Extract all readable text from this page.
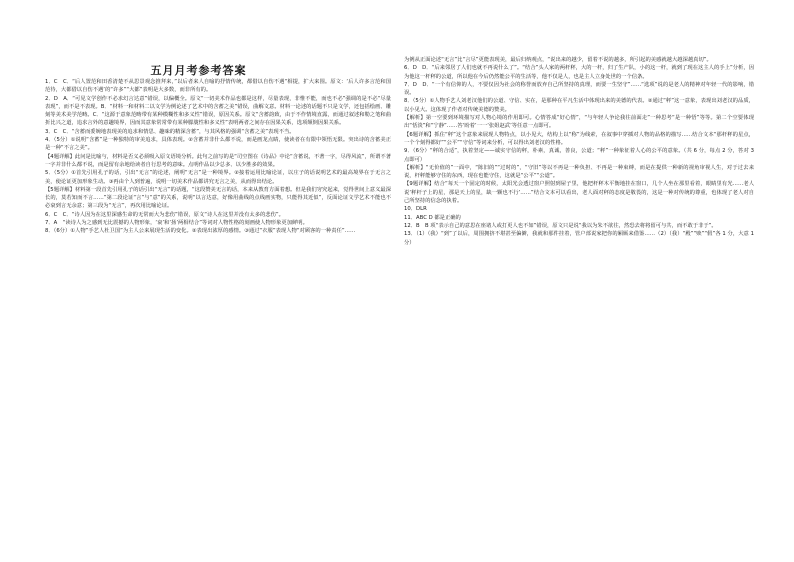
五月月考参考答案

1．C　C．“后人置范和田香清楚不从思景观念推拜来，”以后者来人自喻的抒情传统，都借以自伤不遇“相提，扩大来围。原文：‘后人许多言范和国范待，大都借以自伤不遇’的“许多”“大都”表明是大多数，而非所有的。

2．D　A．“可见文学创作不必求幻言达意”错误，以偏概全。原文“一切美术作品也都是这样，尽量表现，非惟不能，而也不必”强调的是不必“尽量表现”，而不是不表现。B．“材料一和材料二以文学为例论述了艺术中的含蓄之美”错误，曲解文意。材料一论述的话题不只是文学，还包括绘画、雕刻等美术美学范畴。C．“这源于意象范畴带有某种模糊性和多义性”错误，原因关系。原文“含蓄韵致，由于不作情境直露，而通过叙述和勒之笔和曲折比兴之道，追求言外的意趣境界，因而其意象常常带有某种朦胧性和多义性”表明两者之间存在因果关系，选项颠倒因果关系。

3．C　C．“含蓄而委婉地表现美的追求和情思、趣味的精深含蓄”，与其风格的强调“含蓄之美”表现不当。

4．（5分）①说明“含蓄”是一种独特的审美追求，具体表现。②含蓄并非什么都不说，而是画龙点睛，使读者在有限中领悟无限。突出诗的含蓄美正是一种“不言之美”。

【4题详解】此问是比喻与，材料是否义必须吸入原文语境分析。此句之前写的是“司空图在《诗品》中论“含蓄说，不著一字，尽得风流”，所谓不著一字并非什么都不说，而是留有余地给读者自行思考的意味。点明作品以少总多、以少胜多的效果。

5．（5分）①首先引用孔子的话，引出“无言”的论述，阐明“无言”是一种境界。②接着运用比喻论证，以庄子的话说明艺术的最高境界在于无言之美，使论证更加形象生动。③再由个人到普遍，说明一切美术作品都讲究无言之美，从而得出结论。

【5题详解】材料第一段首先引用孔子的话引出“无言”的话题，“这段赞美无言的话，本来从教育方面着想。但是我们穷究起来，觉得世间上意义最深长的，莫若知而不言……”第二段论证“言”与“意”的关系，说明“以言达意，好像用曲线的点线画实物，只能得其近似”，反面论证文学艺术不能也不必衰到言无余意；第三段为“无言”，再次用比喻论证。

6．C　C．“诗人因为在这里深感生命的无常而大为悲伤”错误，原文“诗人在这里并没有太多的悲伤”。

7．A　“读诗人为之感到无比震撼的人物形象，‘衰’和‘扬’两相结合”等词对人物性格的刻画使人物形象更加鲜明。

8．（6分）①人物”手艺人杜卫国”为主人公来展现生活的变化。②表现出浓厚的感情。③通过“衣服”表现人物“对顾客的一种责任”……

为例从正面论述“无言”比“言尽”更能表现美，最后归纳观点，“说出来的越少，留着不说的越多，所引起的美感就越大越深越真切”。

6．D　D．“后来邻居了人们也就不再说什么了”。“结合”头人家的两杆秤，大的一杆，归了生产队，小的这一杆，就到了现在这主人的手上”分析，因为他这一杆秤的公道，所以他在今后仍然能公平的生活等，他不仅是人，也是主人立身处世的一个信条。

7．D　D．“一个有信仰的人，不要仅因为社会的称誉而放弃自己所坚持的真理，而要一生坚守”……“选项”说的是老人的精神对年轻一代的影响，错误。

8．（5分）①人物手艺人刘老汉他们的公道、守信、实在，是那种在平凡生活中体现出来的美德的代表。②通过“秤”这一意象，表现出刘老汉的品质，以小见大。这体现了作者对传统美德的赞美。

【解析】第一空要到环境描写对人物心境的作用即可。心情答成“好心情”，“与年轻人争论我往前面走”一种思考“是一种悟”等等。第二个空要体现出“恬淡”和“宁静”……答‘盼着’一一‘张姐赵武’等任意一点即可。

【6题详解】抓住“秤”这个意象来展现人物特点，以小见大，结构上以“称”为线索，在叙事中穿插对人物的品格的描写……结合文本“那杆秤的星点，一个个刻得都好”“公平”“守信”等词来分析，可以得出刘老汉的性格。

9．（6分）“秤的合适”，执着坚定——诚实守信的秤，朴素，真诚，善良，公道；“秤”一种象征着人心的公平的意象。（共 6 分，每点 2 分，答对 3 点即可）

【解析】“无价值的”一面中，“陈旧的”“过时的”，“守旧”等以不再是一种负担、不再是一种束缚，而是在提供一种新的视角审视人生，对于过去来说，杆秤能够守住的东西，现在也能守住，这就是“公平”“公道”。

【9题详解】结合“每天一个固定的时候，太阳光会透过窗户照射到屋子里，他把杆秤木平衡地挂在窗口，几个人坐在那里看着，眼睛里有光……老人说‘秤杆子上的星，那是天上的星，缺一颗也不行’……”结合文本可以看出，老人面对秤的态度是敬畏的，这是一种对传统的尊重，也体现了老人对自己所坚持的信念的执着。

10．DLR

11．ABC D 都是正确的

12．B　B 项“表示自己的意思在座诸人或打更人也不如”错误，原文只是说“我以为朱不欲往，然恐去将将留可与共，而不敢于非于”。

13．（1）（我）“到”了以后，周围拥挤不堪甚至偏僻，我就和那件挂着，管户部说家把你的厢厮来借鉴……（2）（我）“殿”“赎”“假”各 1 分，大意 1 分）
